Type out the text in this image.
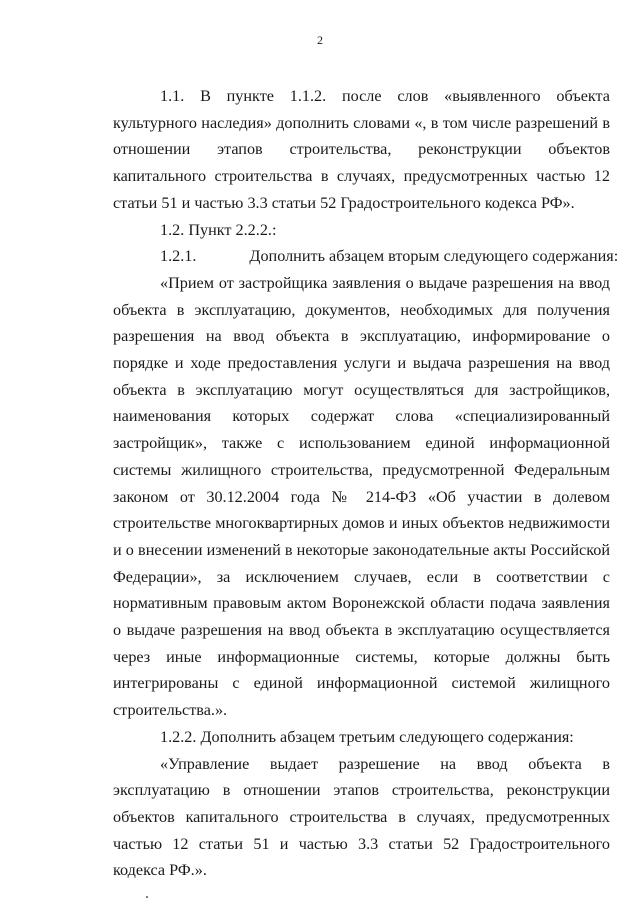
2

1.1. В пункте 1.1.2. после слов «выявленного объекта культурного наследия» дополнить словами «, в том числе разрешений в отношении этапов строительства, реконструкции объектов капитального строительства в случаях, предусмотренных частью 12 статьи 51 и частью 3.3 статьи 52 Градостроительного кодекса РФ».

1.2. Пункт 2.2.2.:

1.2.1.	Дополнить абзацем вторым следующего содержания:

«Прием от застройщика заявления о выдаче разрешения на ввод объекта в эксплуатацию, документов, необходимых для получения разрешения на ввод объекта в эксплуатацию, информирование о порядке и ходе предоставления услуги и выдача разрешения на ввод объекта в эксплуатацию могут осуществляться для застройщиков, наименования которых содержат слова «специализированный застройщик», также с использованием единой информационной системы жилищного строительства, предусмотренной Федеральным законом от 30.12.2004 года № 214-ФЗ «Об участии в долевом строительстве многоквартирных домов и иных объектов недвижимости и о внесении изменений в некоторые законодательные акты Российской Федерации», за исключением случаев, если в соответствии с нормативным правовым актом Воронежской области подача заявления о выдаче разрешения на ввод объекта в эксплуатацию осуществляется через иные информационные системы, которые должны быть интегрированы с единой информационной системой жилищного строительства.».

1.2.2. Дополнить абзацем третьим следующего содержания:

«Управление выдает разрешение на ввод объекта в эксплуатацию в отношении этапов строительства, реконструкции объектов капитального строительства в случаях, предусмотренных частью 12 статьи 51 и частью 3.3 статьи 52 Градостроительного кодекса РФ.».
